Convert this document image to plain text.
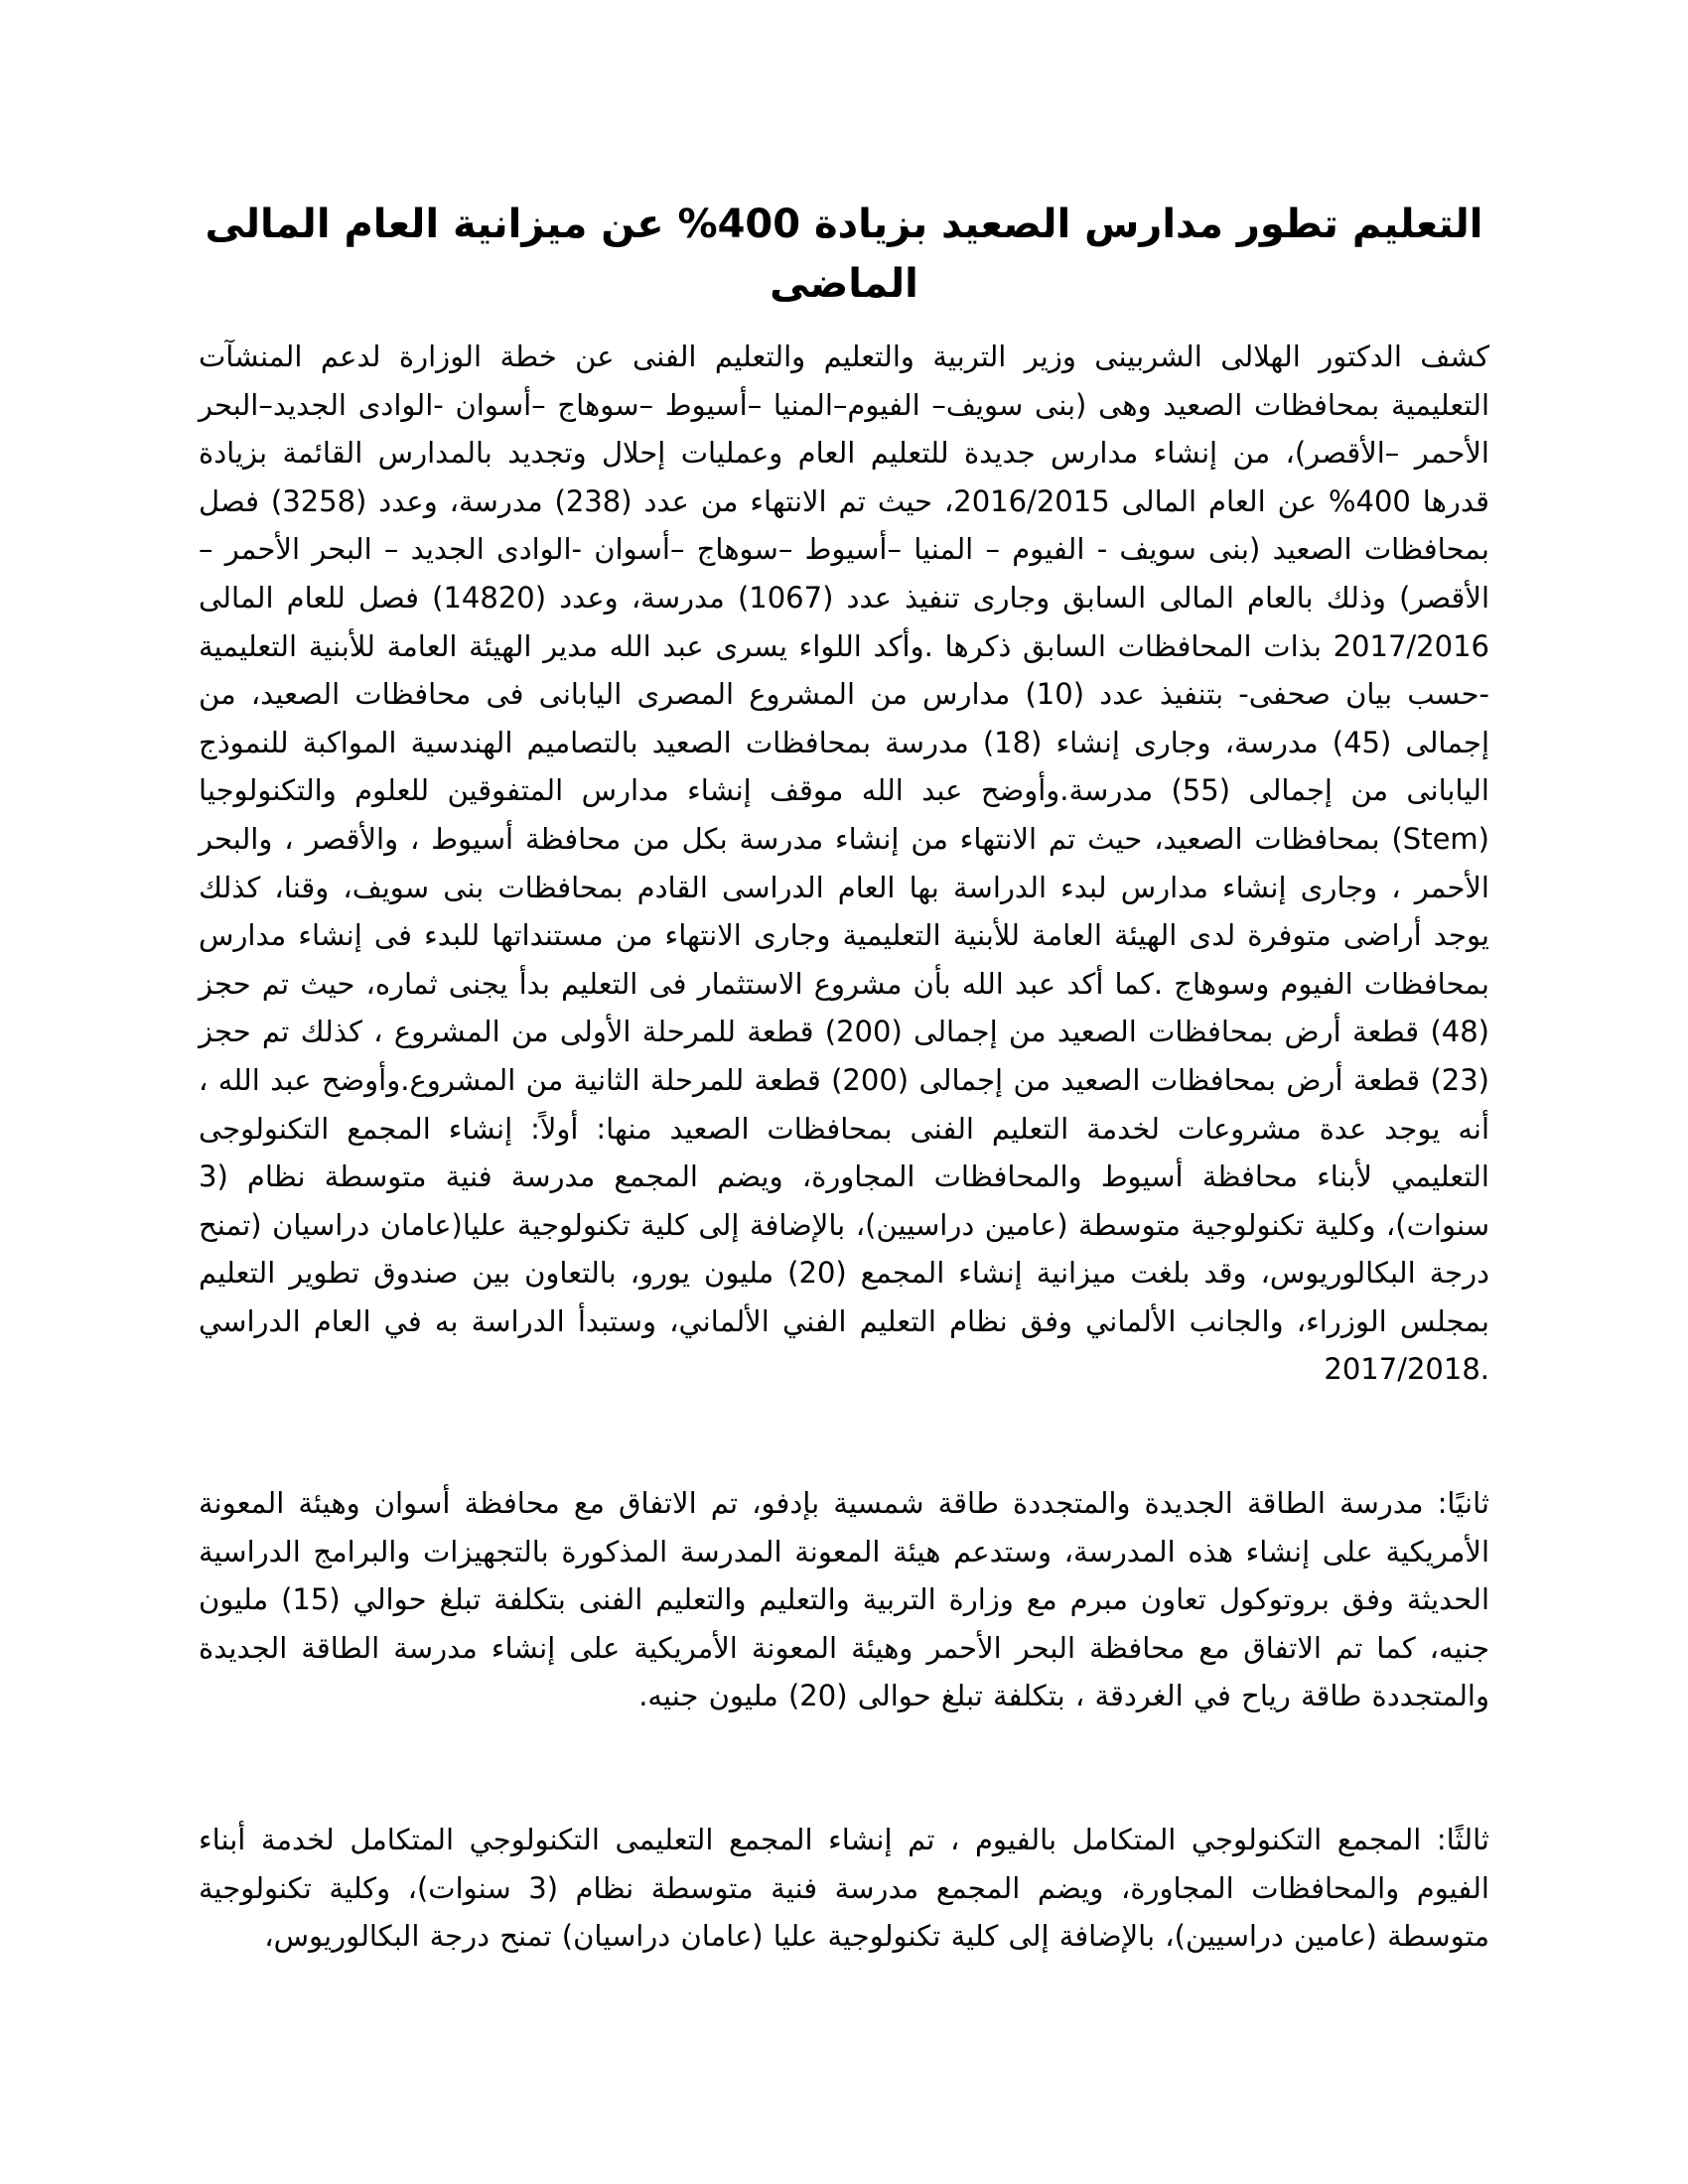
التعليم تطور مدارس الصعيد بزيادة 400% عن ميزانية العام المالى الماضى

كشف الدكتور الهلالى الشربينى وزير التربية والتعليم والتعليم الفنى عن خطة الوزارة لدعم المنشآت التعليمية بمحافظات الصعيد وهى (بنى سويف– الفيوم–المنيا –أسيوط –سوهاج –أسوان -الوادى الجديد–البحر الأحمر –الأقصر)، من إنشاء مدارس جديدة للتعليم العام وعمليات إحلال وتجديد بالمدارس القائمة بزيادة قدرها 400% عن العام المالى 2016/2015، حيث تم الانتهاء من عدد (238) مدرسة، وعدد (3258) فصل بمحافظات الصعيد (بنى سويف - الفيوم – المنيا –أسيوط –سوهاج –أسوان -الوادى الجديد – البحر الأحمر – الأقصر) وذلك بالعام المالى السابق وجارى تنفيذ عدد (1067) مدرسة، وعدد (14820) فصل للعام المالى 2017/2016 بذات المحافظات السابق ذكرها .وأكد اللواء يسرى عبد الله مدير الهيئة العامة للأبنية التعليمية -حسب بيان صحفى- بتنفيذ عدد (10) مدارس من المشروع المصرى اليابانى فى محافظات الصعيد، من إجمالى (45) مدرسة، وجارى إنشاء (18) مدرسة بمحافظات الصعيد بالتصاميم الهندسية المواكبة للنموذج اليابانى من إجمالى (55) مدرسة.وأوضح عبد الله موقف إنشاء مدارس المتفوقين للعلوم والتكنولوجيا (Stem) بمحافظات الصعيد، حيث تم الانتهاء من إنشاء مدرسة بكل من محافظة أسيوط ، والأقصر ، والبحر الأحمر ، وجارى إنشاء مدارس لبدء الدراسة بها العام الدراسى القادم بمحافظات بنى سويف، وقنا، كذلك يوجد أراضى متوفرة لدى الهيئة العامة للأبنية التعليمية وجارى الانتهاء من مستنداتها للبدء فى إنشاء مدارس بمحافظات الفيوم وسوهاج .كما أكد عبد الله بأن مشروع الاستثمار فى التعليم بدأ يجنى ثماره، حيث تم حجز (48) قطعة أرض بمحافظات الصعيد من إجمالى (200) قطعة للمرحلة الأولى من المشروع ، كذلك تم حجز (23) قطعة أرض بمحافظات الصعيد من إجمالى (200) قطعة للمرحلة الثانية من المشروع.وأوضح عبد الله ، أنه يوجد عدة مشروعات لخدمة التعليم الفنى بمحافظات الصعيد منها: أولاً: إنشاء المجمع التكنولوجى التعليمي لأبناء محافظة أسيوط والمحافظات المجاورة، ويضم المجمع مدرسة فنية متوسطة نظام (3 سنوات)، وكلية تكنولوجية متوسطة (عامين دراسيين)، بالإضافة إلى كلية تكنولوجية عليا(عامان دراسيان (تمنح درجة البكالوريوس، وقد بلغت ميزانية إنشاء المجمع (20) مليون يورو، بالتعاون بين صندوق تطوير التعليم بمجلس الوزراء، والجانب الألماني وفق نظام التعليم الفني الألماني، وستبدأ الدراسة به في العام الدراسي .2017/2018

ثانيًا: مدرسة الطاقة الجديدة والمتجددة طاقة شمسية بإدفو، تم الاتفاق مع محافظة أسوان وهيئة المعونة الأمريكية على إنشاء هذه المدرسة، وستدعم هيئة المعونة المدرسة المذكورة بالتجهيزات والبرامج الدراسية الحديثة وفق بروتوكول تعاون مبرم مع وزارة التربية والتعليم والتعليم الفنى بتكلفة تبلغ حوالي (15) مليون جنيه، كما تم الاتفاق مع محافظة البحر الأحمر وهيئة المعونة الأمريكية على إنشاء مدرسة الطاقة الجديدة والمتجددة طاقة رياح في الغردقة ، بتكلفة تبلغ حوالى (20) مليون جنيه.

ثالثًا: المجمع التكنولوجي المتكامل بالفيوم ، تم إنشاء المجمع التعليمى التكنولوجي المتكامل لخدمة أبناء الفيوم والمحافظات المجاورة، ويضم المجمع مدرسة فنية متوسطة نظام (3 سنوات)، وكلية تكنولوجية متوسطة (عامين دراسيين)، بالإضافة إلى كلية تكنولوجية عليا (عامان دراسيان) تمنح درجة البكالوريوس،
